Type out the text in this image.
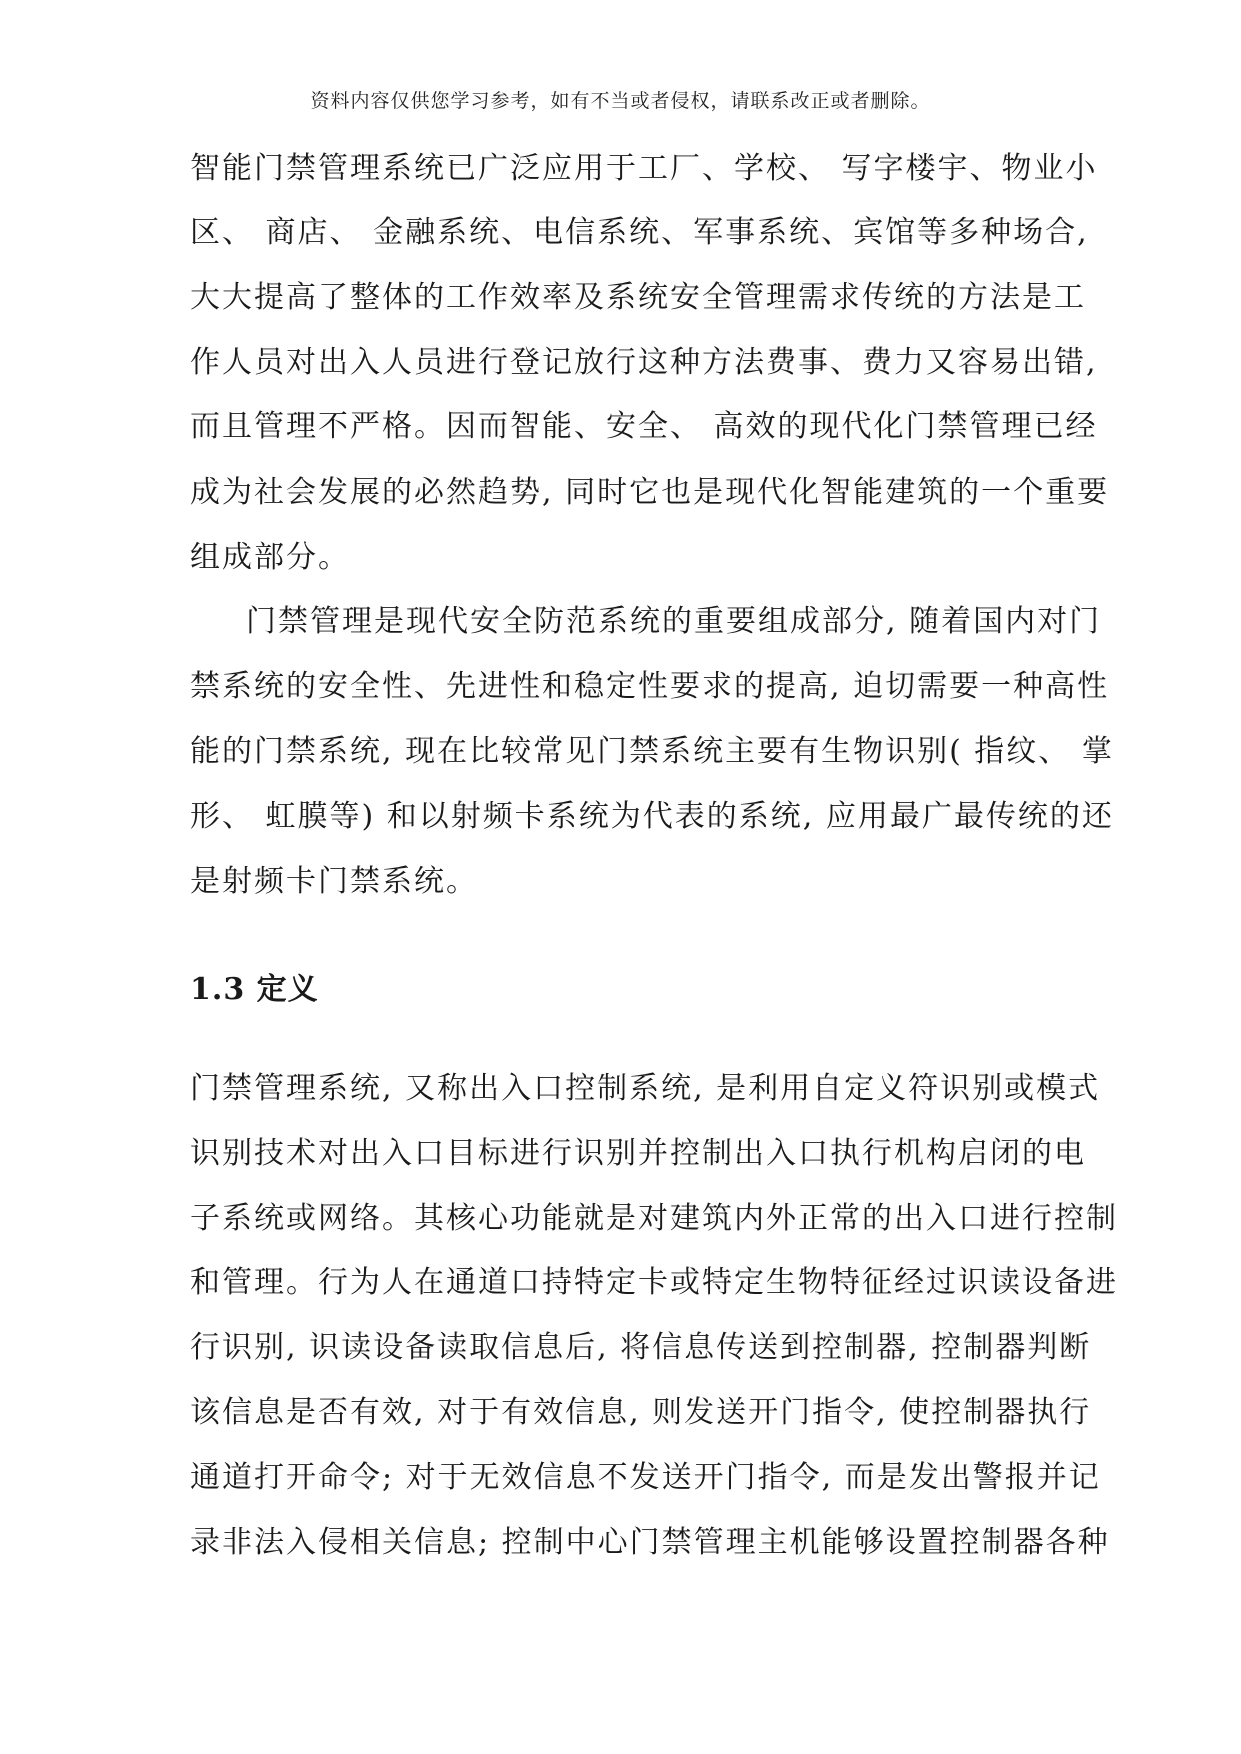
资料内容仅供您学习参考，如有不当或者侵权，请联系改正或者删除。
智能门禁管理系统已广泛应用于工厂、学校、 写字楼宇、物业小
区、 商店、 金融系统、电信系统、军事系统、宾馆等多种场合,
大大提高了整体的工作效率及系统安全管理需求传统的方法是工
作人员对出入人员进行登记放行这种方法费事、费力又容易出错,
而且管理不严格。因而智能、安全、 高效的现代化门禁管理已经
成为社会发展的必然趋势, 同时它也是现代化智能建筑的一个重要
组成部分。
门禁管理是现代安全防范系统的重要组成部分, 随着国内对门
禁系统的安全性、先进性和稳定性要求的提高, 迫切需要一种高性
能的门禁系统, 现在比较常见门禁系统主要有生物识别( 指纹、 掌
形、 虹膜等) 和以射频卡系统为代表的系统, 应用最广最传统的还
是射频卡门禁系统。
1.3 定义
门禁管理系统, 又称出入口控制系统, 是利用自定义符识别或模式
识别技术对出入口目标进行识别并控制出入口执行机构启闭的电
子系统或网络。其核心功能就是对建筑内外正常的出入口进行控制
和管理。行为人在通道口持特定卡或特定生物特征经过识读设备进
行识别, 识读设备读取信息后, 将信息传送到控制器, 控制器判断
该信息是否有效, 对于有效信息, 则发送开门指令, 使控制器执行
通道打开命令; 对于无效信息不发送开门指令, 而是发出警报并记
录非法入侵相关信息; 控制中心门禁管理主机能够设置控制器各种
